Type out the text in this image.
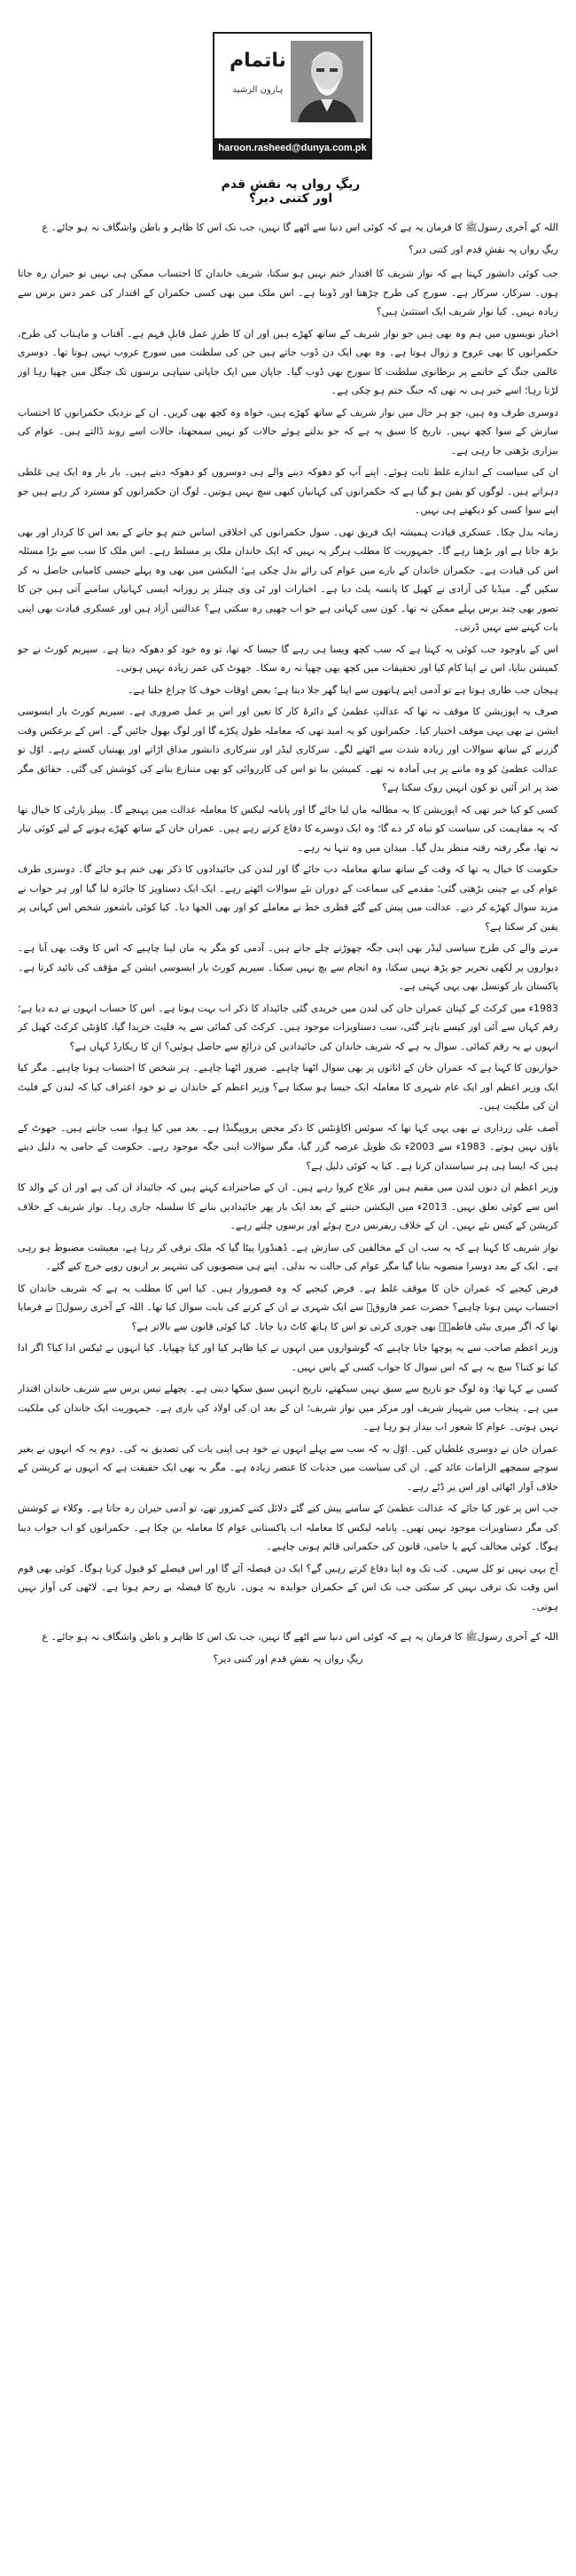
ناتمام
ہارون الرشید
haroon.rasheed@dunya.com.pk
ریگِ رواں پہ نقشِ قدم اور کتنی دیر؟

اللہ کے آخری رسولﷺ کا فرمان یہ ہے کہ کوئی اس دنیا سے اٹھے گا نہیں، جب تک اس کا ظاہر و باطن واشگاف نہ ہو جائے۔ ع

ریگِ رواں پہ نقشِ قدم اور کتنی دیر؟

جب کوئی دانشور کہتا ہے کہ نواز شریف کا اقتدار ختم نہیں ہو سکتا، شریف خاندان کا احتساب ممکن ہی نہیں تو حیران رہ جاتا ہوں۔ سرکار، سرکار ہے۔ سورج کی طرح چڑھتا اور ڈوبتا ہے۔ اس ملک میں بھی کسی حکمران کے اقتدار کی عمر دس برس سے زیادہ نہیں۔ کیا نواز شریف ایک استثنیٰ ہیں؟

اخبار نویسوں میں ہم وہ بھی ہیں جو نواز شریف کے ساتھ کھڑے ہیں اور ان کا طرزِ عمل قابلِ فہم ہے۔ آفتاب و ماہتاب کی طرح، حکمرانوں کا بھی عروج و زوال ہوتا ہے۔ وہ بھی ایک دن ڈوب جاتے ہیں جن کی سلطنت میں سورج غروب نہیں ہوتا تھا۔ دوسری عالمی جنگ کے خاتمے پر برطانوی سلطنت کا سورج بھی ڈوب گیا۔ جاپان میں ایک جاپانی سپاہی برسوں تک جنگل میں چھپا رہا اور لڑتا رہا؛ اسے خبر ہی نہ تھی کہ جنگ ختم ہو چکی ہے۔

دوسری طرف وہ ہیں، جو ہر حال میں نواز شریف کے ساتھ کھڑے ہیں، خواہ وہ کچھ بھی کریں۔ ان کے نزدیک حکمرانوں کا احتساب سازش کے سوا کچھ نہیں۔ تاریخ کا سبق یہ ہے کہ جو بدلتے ہوئے حالات کو نہیں سمجھتا، حالات اسے روند ڈالتے ہیں۔ عوام کی بیزاری بڑھتی جا رہی ہے۔

ان کی سیاست کے اندازے غلط ثابت ہوئے۔ اپنے آپ کو دھوکہ دینے والے ہی دوسروں کو دھوکہ دیتے ہیں۔ بار بار وہ ایک ہی غلطی دہراتے ہیں۔ لوگوں کو یقین ہو گیا ہے کہ حکمرانوں کی کہانیاں کبھی سچ نہیں ہوتیں۔ لوگ ان حکمرانوں کو مسترد کر رہے ہیں جو اپنے سوا کسی کو دیکھتے ہی نہیں۔

زمانہ بدل چکا۔ عسکری قیادت ہمیشہ ایک فریق تھی۔ سول حکمرانوں کی اخلاقی اساس ختم ہو جانے کے بعد اس کا کردار اور بھی بڑھ جاتا ہے اور بڑھتا رہے گا۔ جمہوریت کا مطلب ہرگز یہ نہیں کہ ایک خاندان ملک پر مسلط رہے۔ اس ملک کا سب سے بڑا مسئلہ اس کی قیادت ہے۔ حکمران خاندان کے بارے میں عوام کی رائے بدل چکی ہے؛ الیکشن میں بھی وہ پہلے جیسی کامیابی حاصل نہ کر سکیں گے۔ میڈیا کی آزادی نے کھیل کا پانسہ پلٹ دیا ہے۔ اخبارات اور ٹی وی چینلز پر روزانہ ایسی کہانیاں سامنے آتی ہیں جن کا تصور بھی چند برس پہلے ممکن نہ تھا۔ کون سی کہانی ہے جو اب چھپی رہ سکتی ہے؟ عدالتیں آزاد ہیں اور عسکری قیادت بھی اپنی بات کہنے سے نہیں ڈرتی۔

اس کے باوجود جب کوئی یہ کہتا ہے کہ سب کچھ ویسا ہی رہے گا جیسا کہ تھا، تو وہ خود کو دھوکہ دیتا ہے۔ سپریم کورٹ نے جو کمیشن بنایا، اس نے اپنا کام کیا اور تحقیقات میں کچھ بھی چھپا نہ رہ سکا۔ جھوٹ کی عمر زیادہ نہیں ہوتی۔

ہیجان جب طاری ہوتا ہے تو آدمی اپنے ہاتھوں سے اپنا گھر جلا دیتا ہے؛ بعض اوقات خوف کا چراغ جلتا ہے۔

صرف یہ اپوزیشن کا موقف نہ تھا کہ عدالتِ عظمیٰ کے دائرۂ کار کا تعین اور اس پر عمل ضروری ہے۔ سپریم کورٹ بار ایسوسی ایشن نے بھی یہی موقف اختیار کیا۔ حکمرانوں کو یہ امید تھی کہ معاملہ طول پکڑے گا اور لوگ بھول جائیں گے۔ اس کے برعکس وقت گزرنے کے ساتھ سوالات اور زیادہ شدت سے اٹھنے لگے۔ سرکاری لیڈر اور سرکاری دانشور مذاق اڑاتے اور پھبتیاں کستے رہے۔ اوّل تو عدالت عظمیٰ کو وہ ماننے پر ہی آمادہ نہ تھے۔ کمیشن بنا تو اس کی کارروائی کو بھی متنازع بنانے کی کوشش کی گئی۔ حقائق مگر ضد پر اتر آئیں تو کون انہیں روک سکتا ہے؟

کسی کو کیا خبر تھی کہ اپوزیشن کا یہ مطالبہ مان لیا جائے گا اور پانامہ لیکس کا معاملہ عدالت میں پہنچے گا۔ پیپلز پارٹی کا خیال تھا کہ یہ مفاہمت کی سیاست کو تباہ کر دے گا؛ وہ ایک دوسرے کا دفاع کرتے رہے ہیں۔ عمران خان کے ساتھ کھڑے ہونے کے لیے کوئی تیار نہ تھا، مگر رفتہ رفتہ منظر بدل گیا۔ میدان میں وہ تنہا نہ رہے۔

حکومت کا خیال یہ تھا کہ وقت کے ساتھ ساتھ معاملہ دب جائے گا اور لندن کی جائیدادوں کا ذکر بھی ختم ہو جائے گا۔ دوسری طرف عوام کی بے چینی بڑھتی گئی؛ مقدمے کی سماعت کے دوران نئے سوالات اٹھتے رہے۔ ایک ایک دستاویز کا جائزہ لیا گیا اور ہر جواب نے مزید سوال کھڑے کر دیے۔ عدالت میں پیش کیے گئے قطری خط نے معاملے کو اور بھی الجھا دیا۔ کیا کوئی باشعور شخص اس کہانی پر یقین کر سکتا ہے؟

مرنے والے کی طرح سیاسی لیڈر بھی اپنی جگہ چھوڑتے چلے جاتے ہیں۔ آدمی کو مگر یہ مان لینا چاہیے کہ اس کا وقت بھی آنا ہے۔ دیواروں پر لکھی تحریر جو پڑھ نہیں سکتا، وہ انجام سے بچ نہیں سکتا۔ سپریم کورٹ بار ایسوسی ایشن کے مؤقف کی تائید کرتا ہے۔ پاکستان بار کونسل بھی یہی کہتی ہے۔

1983ء میں کرکٹ کے کپتان عمران خان کی لندن میں خریدی گئی جائیداد کا ذکر اب بہت ہوتا ہے۔ اس کا حساب انہوں نے دے دیا ہے؛ رقم کہاں سے آئی اور کیسے باہر گئی، سب دستاویزات موجود ہیں۔ کرکٹ کی کمائی سے یہ فلیٹ خریدا گیا، کاؤنٹی کرکٹ کھیل کر انہوں نے یہ رقم کمائی۔ سوال یہ ہے کہ شریف خاندان کی جائیدادیں کن ذرائع سے حاصل ہوئیں؟ ان کا ریکارڈ کہاں ہے؟

حواریوں کا کہنا ہے کہ عمران خان کے اثاثوں پر بھی سوال اٹھنا چاہیے۔ ضرور اٹھنا چاہیے۔ ہر شخص کا احتساب ہونا چاہیے۔ مگر کیا ایک وزیر اعظم اور ایک عام شہری کا معاملہ ایک جیسا ہو سکتا ہے؟ وزیر اعظم کے خاندان نے تو خود اعتراف کیا کہ لندن کے فلیٹ ان کی ملکیت ہیں۔

آصف علی زرداری نے بھی یہی کہا تھا کہ سوئس اکاؤنٹس کا ذکر محض پروپیگنڈا ہے۔ بعد میں کیا ہوا، سب جانتے ہیں۔ جھوٹ کے پاؤں نہیں ہوتے۔ 1983ء سے 2003ء تک طویل عرصہ گزر گیا، مگر سوالات اپنی جگہ موجود رہے۔ حکومت کے حامی یہ دلیل دیتے ہیں کہ ایسا ہی ہر سیاستدان کرتا ہے۔ کیا یہ کوئی دلیل ہے؟

وزیر اعظم ان دنوں لندن میں مقیم ہیں اور علاج کروا رہے ہیں۔ ان کے صاحبزادے کہتے ہیں کہ جائیداد ان کی ہے اور ان کے والد کا اس سے کوئی تعلق نہیں۔ 2013ء میں الیکشن جیتنے کے بعد ایک بار پھر جائیدادیں بنانے کا سلسلہ جاری رہا۔ نواز شریف کے خلاف کرپشن کے کیس نئے نہیں۔ ان کے خلاف ریفرنس درج ہوئے اور برسوں چلتے رہے۔

نواز شریف کا کہنا ہے کہ یہ سب ان کے مخالفین کی سازش ہے۔ ڈھنڈورا پیٹا گیا کہ ملک ترقی کر رہا ہے، معیشت مضبوط ہو رہی ہے۔ ایک کے بعد دوسرا منصوبہ بنایا گیا مگر عوام کی حالت نہ بدلی۔ اپنے ہی منصوبوں کی تشہیر پر اربوں روپے خرچ کیے گئے۔

فرض کیجیے کہ عمران خان کا موقف غلط ہے۔ فرض کیجیے کہ وہ قصوروار ہیں۔ کیا اس کا مطلب یہ ہے کہ شریف خاندان کا احتساب نہیں ہونا چاہیے؟ حضرت عمر فاروقؓ سے ایک شہری نے ان کے کرتے کی بابت سوال کیا تھا۔ اللہ کے آخری رسولﷺ نے فرمایا تھا کہ اگر میری بیٹی فاطمہؓ بھی چوری کرتی تو اس کا ہاتھ کاٹ دیا جاتا۔ کیا کوئی قانون سے بالاتر ہے؟

وزیر اعظم صاحب سے یہ پوچھا جانا چاہیے کہ گوشواروں میں انہوں نے کیا ظاہر کیا اور کیا چھپایا۔ کیا انہوں نے ٹیکس ادا کیا؟ اگر ادا کیا تو کتنا؟ سچ یہ ہے کہ اس سوال کا جواب کسی کے پاس نہیں۔

کسی نے کہا تھا: وہ لوگ جو تاریخ سے سبق نہیں سیکھتے، تاریخ انہیں سبق سکھا دیتی ہے۔ پچھلے تیس برس سے شریف خاندان اقتدار میں ہے۔ پنجاب میں شہباز شریف اور مرکز میں نواز شریف؛ ان کے بعد ان کی اولاد کی باری ہے۔ جمہوریت ایک خاندان کی ملکیت نہیں ہوتی۔ عوام کا شعور اب بیدار ہو رہا ہے۔

عمران خان نے دوسری غلطیاں کیں۔ اوّل یہ کہ سب سے پہلے انہوں نے خود ہی اپنی بات کی تصدیق نہ کی۔ دوم یہ کہ انہوں نے بغیر سوچے سمجھے الزامات عائد کیے۔ ان کی سیاست میں جذبات کا عنصر زیادہ ہے۔ مگر یہ بھی ایک حقیقت ہے کہ انہوں نے کرپشن کے خلاف آواز اٹھائی اور اس پر ڈٹے رہے۔

جب اس پر غور کیا جائے کہ عدالت عظمیٰ کے سامنے پیش کیے گئے دلائل کتنے کمزور تھے، تو آدمی حیران رہ جاتا ہے۔ وکلاء نے کوشش کی مگر دستاویزات موجود نہیں تھیں۔ پانامہ لیکس کا معاملہ اب پاکستانی عوام کا معاملہ بن چکا ہے۔ حکمرانوں کو اب جواب دینا ہوگا۔ کوئی مخالف کہے یا حامی، قانون کی حکمرانی قائم ہونی چاہیے۔

آج یہی نہیں تو کل سہی۔ کب تک وہ اپنا دفاع کرتے رہیں گے؟ ایک دن فیصلہ آئے گا اور اس فیصلے کو قبول کرنا ہوگا۔ کوئی بھی قوم اس وقت تک ترقی نہیں کر سکتی جب تک اس کے حکمران جوابدہ نہ ہوں۔ تاریخ کا فیصلہ بے رحم ہوتا ہے۔ لاٹھی کی آواز نہیں ہوتی۔

اللہ کے آخری رسولﷺ کا فرمان یہ ہے کہ کوئی اس دنیا سے اٹھے گا نہیں، جب تک اس کا ظاہر و باطن واشگاف نہ ہو جائے۔ ع

ریگِ رواں پہ نقشِ قدم اور کتنی دیر؟
